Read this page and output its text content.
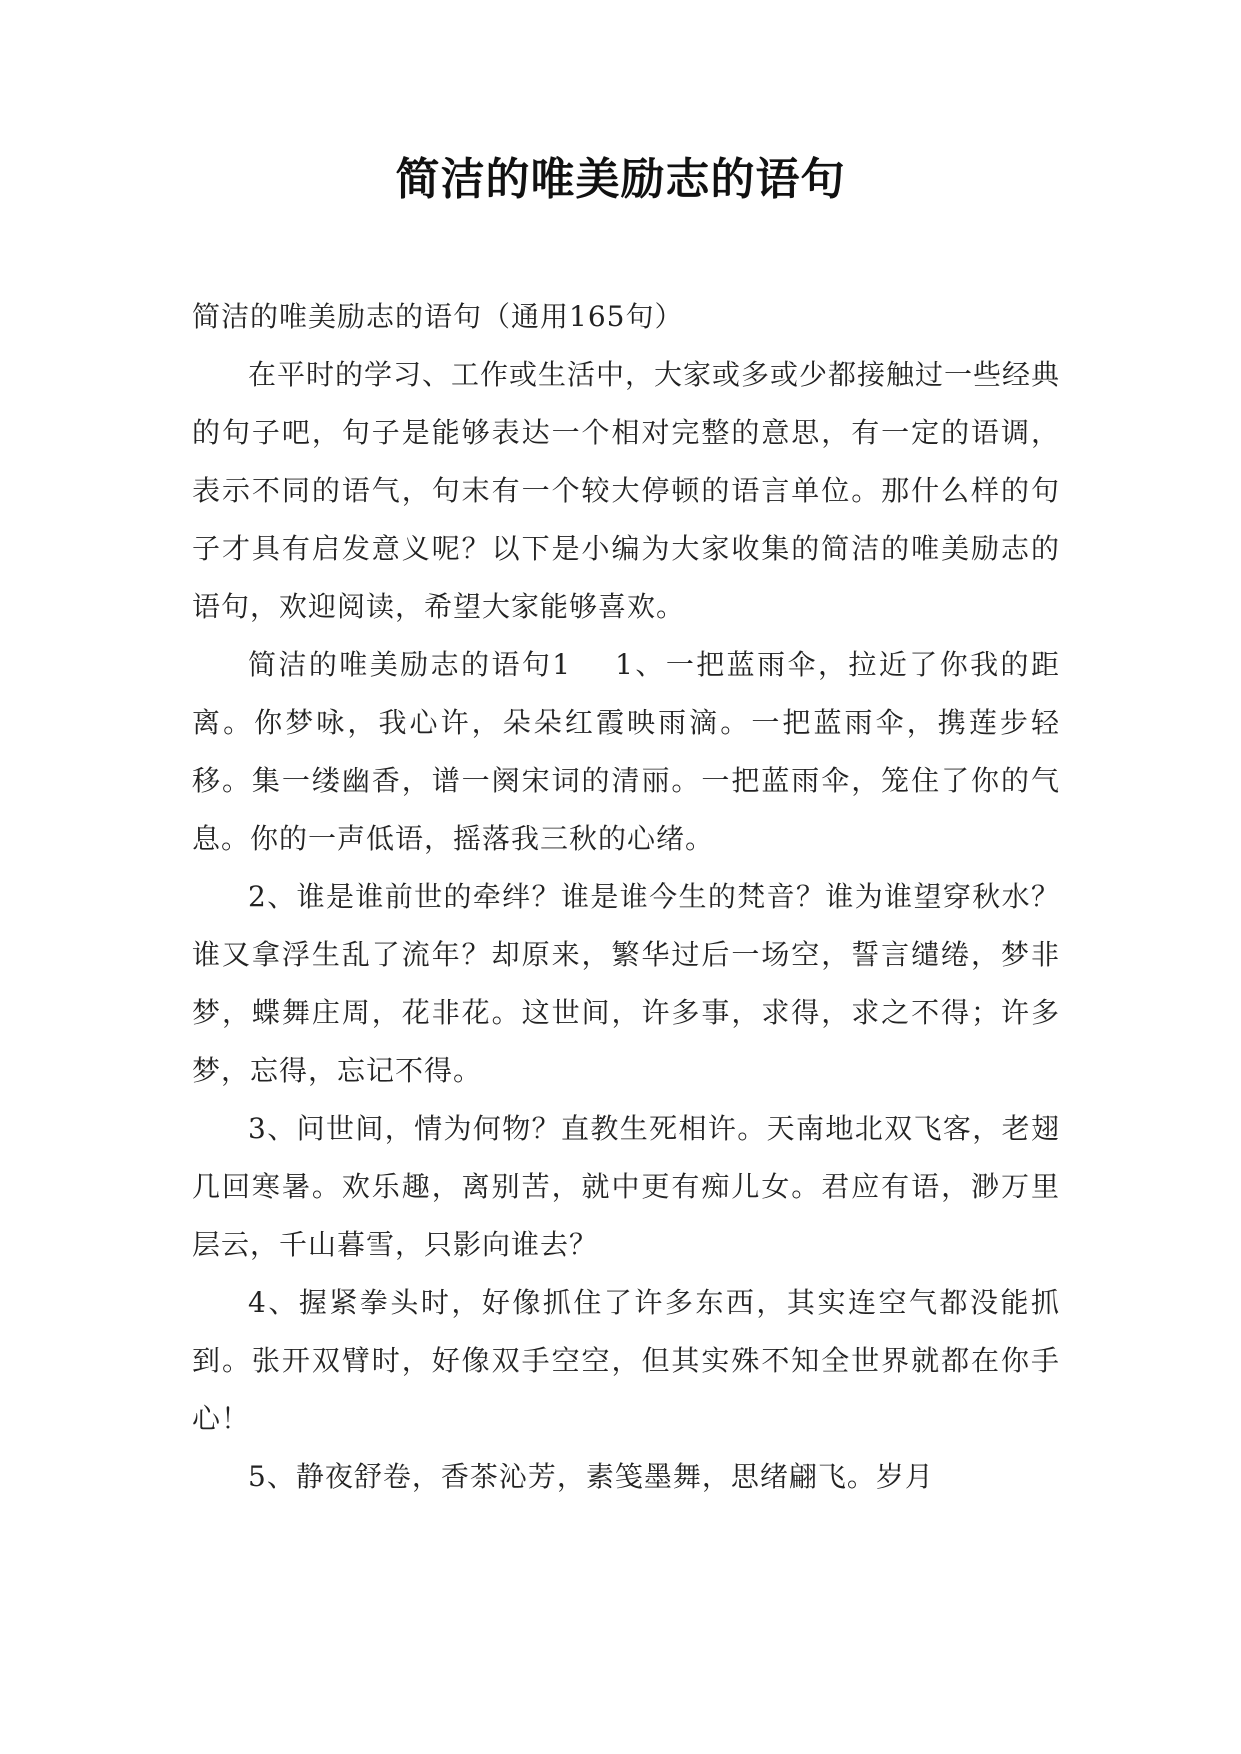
简洁的唯美励志的语句

简洁的唯美励志的语句（通用165句）

在平时的学习、工作或生活中，大家或多或少都接触过一些经典的句子吧，句子是能够表达一个相对完整的意思，有一定的语调，表示不同的语气，句末有一个较大停顿的语言单位。那什么样的句子才具有启发意义呢？以下是小编为大家收集的简洁的唯美励志的语句，欢迎阅读，希望大家能够喜欢。

简洁的唯美励志的语句1   1、一把蓝雨伞，拉近了你我的距离。你梦咏，我心许，朵朵红霞映雨滴。一把蓝雨伞，携莲步轻移。集一缕幽香，谱一阕宋词的清丽。一把蓝雨伞，笼住了你的气息。你的一声低语，摇落我三秋的心绪。

2、谁是谁前世的牵绊？谁是谁今生的梵音？谁为谁望穿秋水？谁又拿浮生乱了流年？却原来，繁华过后一场空，誓言缱绻，梦非梦，蝶舞庄周，花非花。这世间，许多事，求得，求之不得；许多梦，忘得，忘记不得。

3、问世间，情为何物？直教生死相许。天南地北双飞客，老翅几回寒暑。欢乐趣，离别苦，就中更有痴儿女。君应有语，渺万里层云，千山暮雪，只影向谁去？

4、握紧拳头时，好像抓住了许多东西，其实连空气都没能抓到。张开双臂时，好像双手空空，但其实殊不知全世界就都在你手心！

5、静夜舒卷，香茶沁芳，素笺墨舞，思绪翩飞。岁月
